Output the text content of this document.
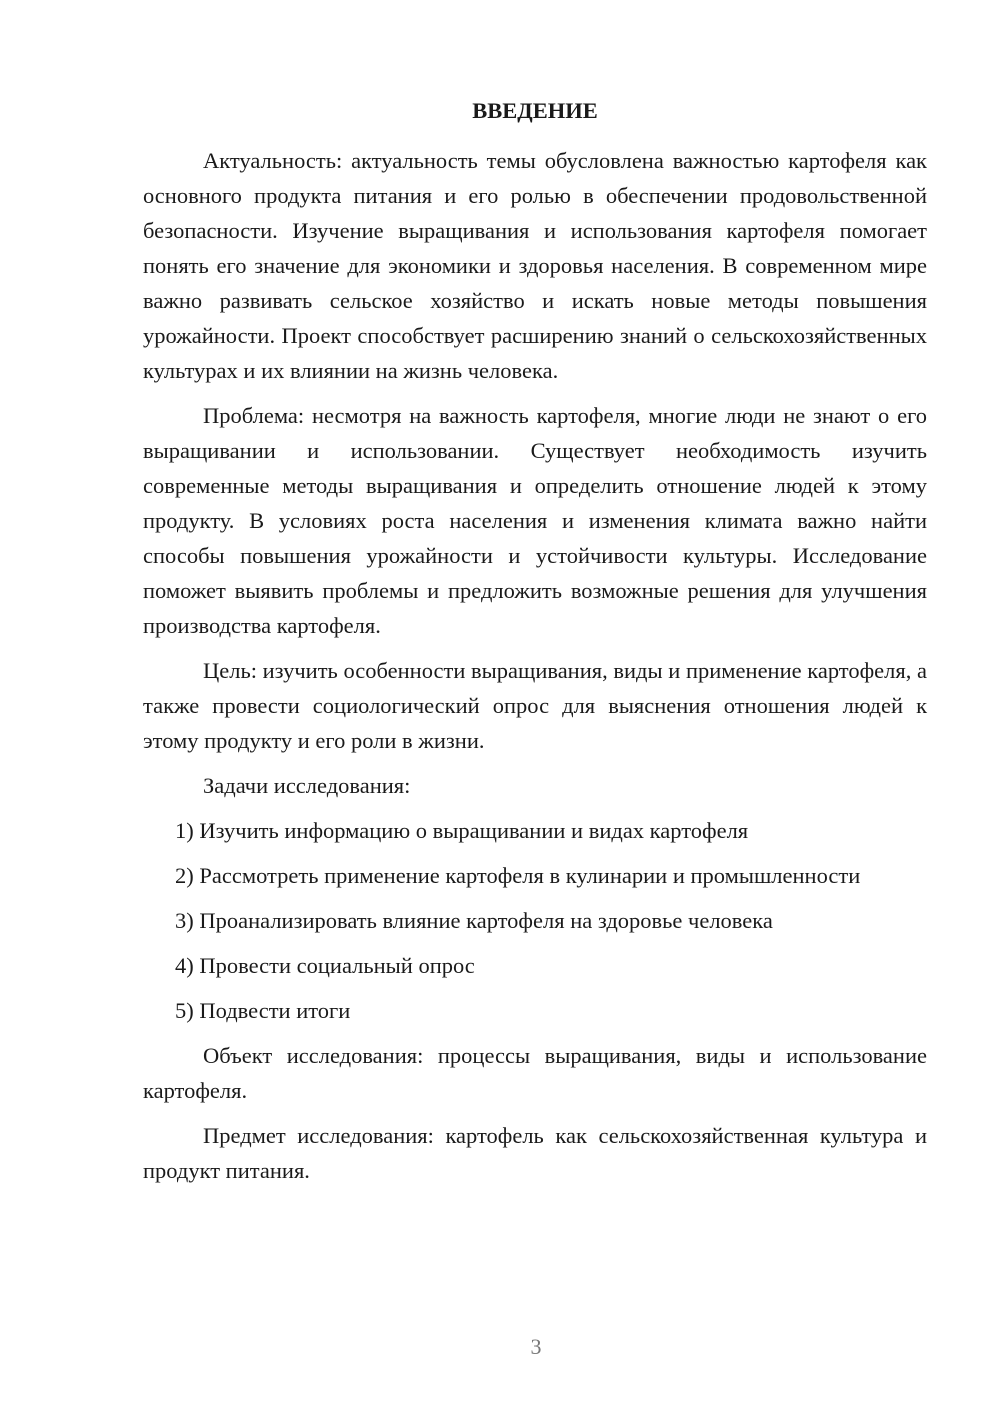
ВВЕДЕНИЕ

Актуальность: актуальность темы обусловлена важностью картофеля как основного продукта питания и его ролью в обеспечении продовольственной безопасности. Изучение выращивания и использования картофеля помогает понять его значение для экономики и здоровья населения. В современном мире важно развивать сельское хозяйство и искать новые методы повышения урожайности. Проект способствует расширению знаний о сельскохозяйственных культурах и их влиянии на жизнь человека.

Проблема: несмотря на важность картофеля, многие люди не знают о его выращивании и использовании. Существует необходимость изучить современные методы выращивания и определить отношение людей к этому продукту. В условиях роста населения и изменения климата важно найти способы повышения урожайности и устойчивости культуры. Исследование поможет выявить проблемы и предложить возможные решения для улучшения производства картофеля.

Цель: изучить особенности выращивания, виды и применение картофеля, а также провести социологический опрос для выяснения отношения людей к этому продукту и его роли в жизни.

Задачи исследования:

1) Изучить информацию о выращивании и видах картофеля

2) Рассмотреть применение картофеля в кулинарии и промышленности

3) Проанализировать влияние картофеля на здоровье человека

4) Провести социальный опрос

5) Подвести итоги

Объект исследования: процессы выращивания, виды и использование картофеля.

Предмет исследования: картофель как сельскохозяйственная культура и продукт питания.

3
